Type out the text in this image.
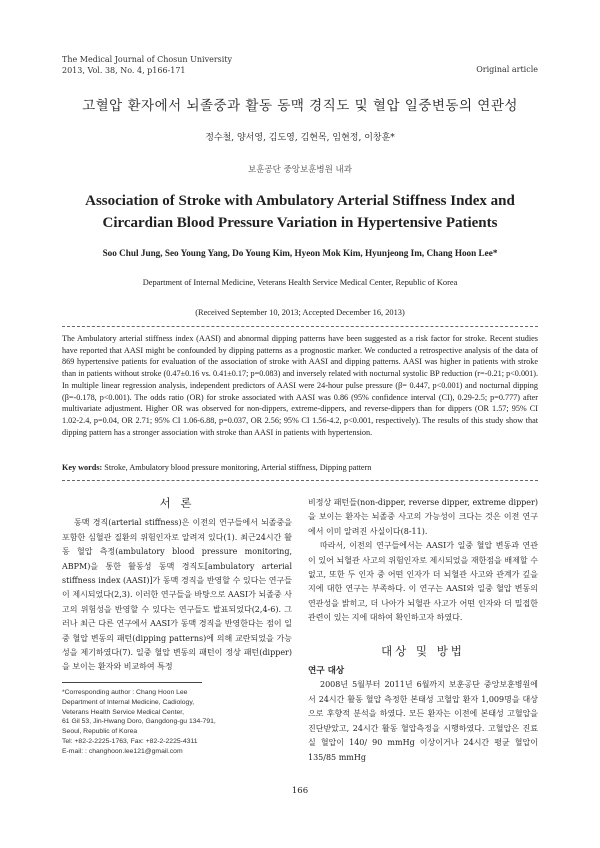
The Medical Journal of Chosun University
2013, Vol. 38, No. 4, p166-171	Original article
고혈압 환자에서 뇌졸중과 활동 동맥 경직도 및 혈압 일중변동의 연관성
정수철, 양서영, 김도영, 김현목, 임현정, 이창훈*
보훈공단 중앙보훈병원 내과
Association of Stroke with Ambulatory Arterial Stiffness Index and
Circardian Blood Pressure Variation in Hypertensive Patients
Soo Chul Jung, Seo Young Yang, Do Young Kim, Hyeon Mok Kim, Hyunjeong Im, Chang Hoon Lee*
Department of Internal Medicine, Veterans Health Service Medical Center, Republic of Korea
(Received September 10, 2013; Accepted December 16, 2013)
The Ambulatory arterial stiffness index (AASI) and abnormal dipping patterns have been suggested as a risk factor for stroke. Recent studies have reported that AASI might be confounded by dipping patterns as a prognostic marker. We conducted a retrospective analysis of the data of 869 hypertensive patients for evaluation of the association of stroke with AASI and dipping patterns. AASI was higher in patients with stroke than in patients without stroke (0.47±0.16 vs. 0.41±0.17; p=0.083) and inversely related with nocturnal systolic BP reduction (r=-0.21; p<0.001). In multiple linear regression analysis, independent predictors of AASI were 24-hour pulse pressure (β= 0.447, p<0.001) and nocturnal dipping (β=-0.178, p<0.001). The odds ratio (OR) for stroke associated with AASI was 0.86 (95% confidence interval (CI), 0.29-2.5; p=0.777) after multivariate adjustment. Higher OR was observed for non-dippers, extreme-dippers, and reverse-dippers than for dippers (OR 1.57; 95% CI 1.02-2.4, p=0.04, OR 2.71; 95% CI 1.06-6.88, p=0.037, OR 2.56; 95% CI 1.56-4.2, p<0.001, respectively). The results of this study show that dipping pattern has a stronger association with stroke than AASI in patients with hypertension.
Key words: Stroke, Ambulatory blood pressure monitoring, Arterial stiffness, Dipping pattern
서 론

동맥 경직(arterial stiffness)은 이전의 연구들에서 뇌졸중을 포함한 심혈관 질환의 위험인자로 알려져 있다(1). 최근24시간 활동 혈압 측정(ambulatory blood pressure monitoring, ABPM)을 통한 활동성 동맥 경직도[ambulatory arterial stiffness index (AASI)]가 동맥 경직을 반영할 수 있다는 연구들이 제시되었다(2,3). 이러한 연구들을 바탕으로 AASI가 뇌졸중 사고의 위험성을 반영할 수 있다는 연구들도 발표되었다(2,4-6). 그러나 최근 다른 연구에서 AASI가 동맥 경직을 반영한다는 점이 일중 혈압 변동의 패턴(dipping patterns)에 의해 교란되었을 가능성을 제기하였다(7). 일중 혈압 변동의 패턴이 정상 패턴(dipper)을 보이는 환자와 비교하여 특정

비정상 패턴들(non-dipper, reverse dipper, extreme dipper)을 보이는 환자는 뇌졸중 사고의 가능성이 크다는 것은 이전 연구에서 이미 알려진 사실이다(8-11).

따라서, 이전의 연구들에서는 AASI가 일중 혈압 변동과 연관이 있어 뇌혈관 사고의 위험인자로 제시되었을 재한점을 배제할 수 없고, 또한 두 인자 중 어떤 인자가 더 뇌혈관 사고와 관계가 깊을지에 대한 연구는 부족하다. 이 연구는 AASI와 일중 혈압 변동의 연관성을 밝히고, 더 나아가 뇌혈관 사고가 어떤 인자와 더 밀접한 관련이 있는 지에 대하여 확인하고자 하였다.

대상 및 방법
연구 대상

2008년 5월부터 2011년 6월까지 보훈공단 중앙보훈병원에서 24시간 활동 혈압 측정한 본태성 고혈압 환자 1,009명을 대상으로 후향적 분석을 하였다. 모든 환자는 이전에 본태성 고혈압을 진단받았고, 24시간 활동 혈압측정을 시행하였다. 고혈압은 진료실 혈압이 140/ 90 mmHg 이상이거나 24시간 평균 혈압이 135/85 mmHg

*Corresponding author : Chang Hoon Lee
Department of Internal Medicine, Cadiology,
Veterans Health Service Medical Center,
61 Gil 53, Jin-Hwang Doro, Gangdong-gu 134-791,
Seoul, Republic of Korea
Tel: +82-2-2225-1763, Fax: +82-2-2225-4311
E-mail: : changhoon.lee121@gmail.com
166
